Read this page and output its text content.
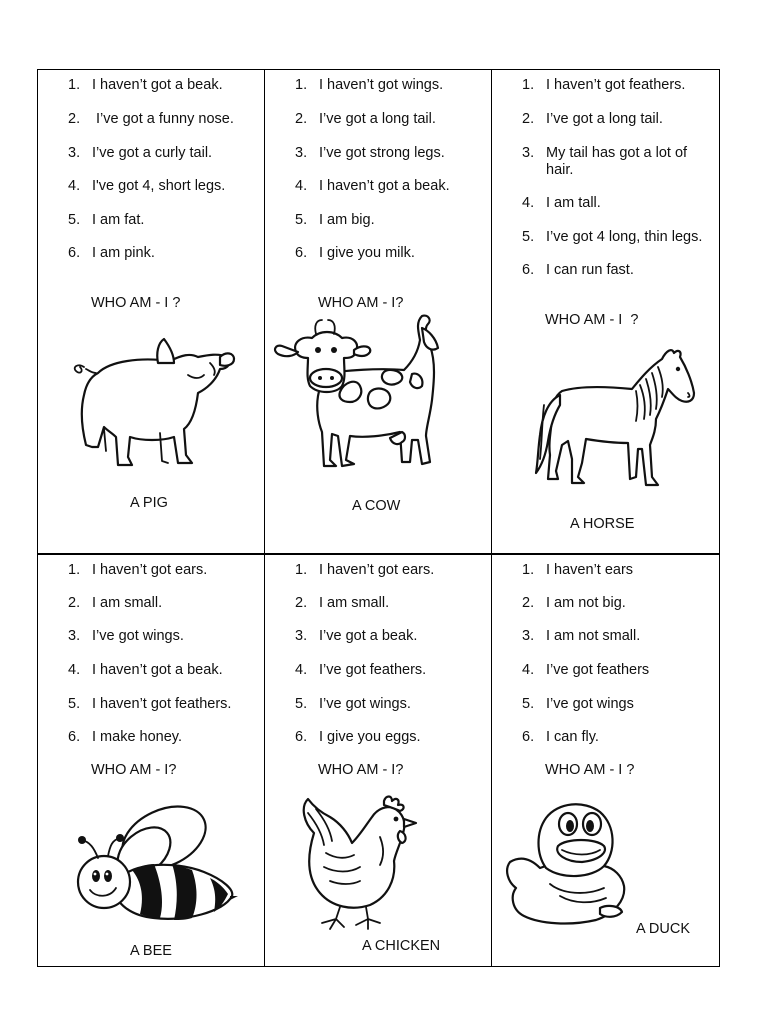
1. I haven’t got a beak.
2. I’ve got a funny nose.
3. I’ve got a curly tail.
4. I've got 4, short legs.
5. I am fat.
6. I am pink.
WHO AM - I ?
A PIG
1. I haven’t got wings.
2. I’ve got a long tail.
3. I’ve got strong legs.
4. I haven’t got a beak.
5. I am big.
6. I give you milk.
WHO AM - I?
A COW
1. I haven’t got feathers.
2. I’ve got a long tail.
3. My tail has got a lot of hair.
4. I am tall.
5. I’ve got 4 long, thin legs.
6. I can run fast.
WHO AM - I  ?
A HORSE
1. I haven’t got ears.
2. I am small.
3. I’ve got wings.
4. I haven’t got a beak.
5. I haven’t got feathers.
6. I make honey.
WHO AM - I?
A BEE
1. I haven’t got ears.
2. I am small.
3. I’ve got a beak.
4. I’ve got feathers.
5. I’ve got wings.
6. I give you eggs.
WHO AM - I?
A CHICKEN
1. I haven’t ears
2. I am not big.
3. I am not small.
4. I’ve got feathers
5. I’ve got wings
6. I can fly.
WHO AM - I ?
A DUCK
